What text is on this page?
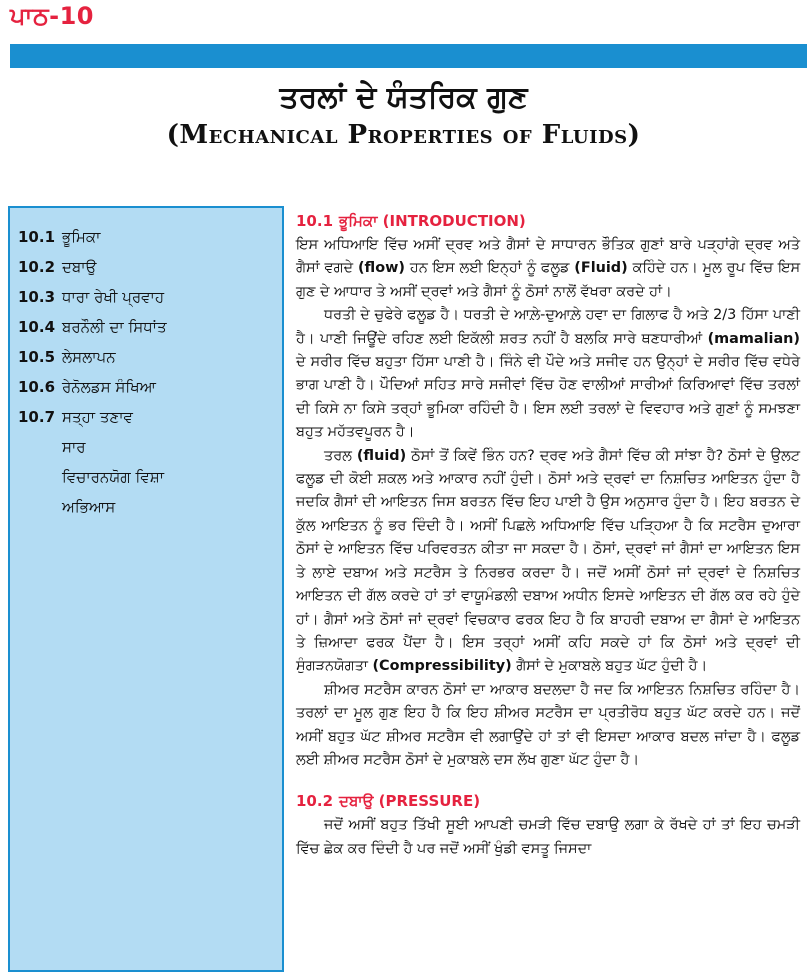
ਪਾਠ-10
ਤਰਲਾਂ ਦੇ ਯੰਤਰਿਕ ਗੁਣ
(Mechanical Properties of Fluids)
10.1 ਭੂਮਿਕਾ
10.2 ਦਬਾਉ
10.3 ਧਾਰਾ ਰੇਖੀ ਪ੍ਰਵਾਹ
10.4 ਬਰਨੌਲੀ ਦਾ ਸਿਧਾਂਤ
10.5 ਲੇਸਲਾਪਨ
10.6 ਰੇਨੋਲਡਸ ਸੰਖਿਆ
10.7 ਸਤ੍ਹਾ ਤਣਾਵ
ਸਾਰ
ਵਿਚਾਰਨਯੋਗ ਵਿਸ਼ਾ
ਅਭਿਆਸ
10.1 ਭੂਮਿਕਾ (INTRODUCTION)

ਇਸ ਅਧਿਆਇ ਵਿੱਚ ਅਸੀਂ ਦ੍ਰਵ ਅਤੇ ਗੈਸਾਂ ਦੇ ਸਾਧਾਰਨ ਭੌਤਿਕ ਗੁਣਾਂ ਬਾਰੇ ਪੜ੍ਹਾਂਗੇ ਦ੍ਰਵ ਅਤੇ ਗੈਸਾਂ ਵਗਦੇ (flow) ਹਨ ਇਸ ਲਈ ਇਨ੍ਹਾਂ ਨੂੰ ਫਲੂਡ (Fluid) ਕਹਿੰਦੇ ਹਨ। ਮੂਲ ਰੂਪ ਵਿੱਚ ਇਸ ਗੁਣ ਦੇ ਆਧਾਰ ਤੇ ਅਸੀਂ ਦ੍ਰਵਾਂ ਅਤੇ ਗੈਸਾਂ ਨੂੰ ਠੋਸਾਂ ਨਾਲੋਂ ਵੱਖਰਾ ਕਰਦੇ ਹਾਂ।

ਧਰਤੀ ਦੇ ਚੁਫੇਰੇ ਫਲੂਡ ਹੈ। ਧਰਤੀ ਦੇ ਆਲ਼ੇ-ਦੁਆਲ਼ੇ ਹਵਾ ਦਾ ਗਿਲਾਫ ਹੈ ਅਤੇ 2/3 ਹਿੱਸਾ ਪਾਣੀ ਹੈ। ਪਾਣੀ ਜਿਊਂਦੇ ਰਹਿਣ ਲਈ ਇਕੱਲੀ ਸ਼ਰਤ ਨਹੀਂ ਹੈ ਬਲਕਿ ਸਾਰੇ ਥਣਧਾਰੀਆਂ (mamalian) ਦੇ ਸਰੀਰ ਵਿੱਚ ਬਹੁਤਾ ਹਿੱਸਾ ਪਾਣੀ ਹੈ। ਜਿੰਨੇ ਵੀ ਪੌਦੇ ਅਤੇ ਸਜੀਵ ਹਨ ਉਨ੍ਹਾਂ ਦੇ ਸਰੀਰ ਵਿੱਚ ਵਧੇਰੇ ਭਾਗ ਪਾਣੀ ਹੈ। ਪੌਦਿਆਂ ਸਹਿਤ ਸਾਰੇ ਸਜੀਵਾਂ ਵਿੱਚ ਹੋਣ ਵਾਲੀਆਂ ਸਾਰੀਆਂ ਕਿਰਿਆਵਾਂ ਵਿੱਚ ਤਰਲਾਂ ਦੀ ਕਿਸੇ ਨਾ ਕਿਸੇ ਤਰ੍ਹਾਂ ਭੂਮਿਕਾ ਰਹਿੰਦੀ ਹੈ। ਇਸ ਲਈ ਤਰਲਾਂ ਦੇ ਵਿਵਹਾਰ ਅਤੇ ਗੁਣਾਂ ਨੂੰ ਸਮਝਣਾ ਬਹੁਤ ਮਹੱਤਵਪੂਰਨ ਹੈ।

ਤਰਲ (fluid) ਠੋਸਾਂ ਤੋਂ ਕਿਵੇਂ ਭਿੰਨ ਹਨ? ਦ੍ਰਵ ਅਤੇ ਗੈਸਾਂ ਵਿੱਚ ਕੀ ਸਾਂਝਾ ਹੈ? ਠੋਸਾਂ ਦੇ ਉਲਟ ਫਲੂਡ ਦੀ ਕੋਈ ਸ਼ਕਲ ਅਤੇ ਆਕਾਰ ਨਹੀਂ ਹੁੰਦੀ। ਠੋਸਾਂ ਅਤੇ ਦ੍ਰਵਾਂ ਦਾ ਨਿਸ਼ਚਿਤ ਆਇਤਨ ਹੁੰਦਾ ਹੈ ਜਦਕਿ ਗੈਸਾਂ ਦੀ ਆਇਤਨ ਜਿਸ ਬਰਤਨ ਵਿੱਚ ਇਹ ਪਾਈ ਹੈ ਉਸ ਅਨੁਸਾਰ ਹੁੰਦਾ ਹੈ। ਇਹ ਬਰਤਨ ਦੇ ਕੁੱਲ ਆਇਤਨ ਨੂੰ ਭਰ ਦਿੰਦੀ ਹੈ। ਅਸੀਂ ਪਿਛਲੇ ਅਧਿਆਇ ਵਿੱਚ ਪੜ੍ਹਿਆ ਹੈ ਕਿ ਸਟਰੈਸ ਦੁਆਰਾ ਠੋਸਾਂ ਦੇ ਆਇਤਨ ਵਿੱਚ ਪਰਿਵਰਤਨ ਕੀਤਾ ਜਾ ਸਕਦਾ ਹੈ। ਠੋਸਾਂ, ਦ੍ਰਵਾਂ ਜਾਂ ਗੈਸਾਂ ਦਾ ਆਇਤਨ ਇਸ ਤੇ ਲਾਏ ਦਬਾਅ ਅਤੇ ਸਟਰੈਸ ਤੇ ਨਿਰਭਰ ਕਰਦਾ ਹੈ। ਜਦੋਂ ਅਸੀਂ ਠੋਸਾਂ ਜਾਂ ਦ੍ਰਵਾਂ ਦੇ ਨਿਸ਼ਚਿਤ ਆਇਤਨ ਦੀ ਗੱਲ ਕਰਦੇ ਹਾਂ ਤਾਂ ਵਾਯੂਮੰਡਲੀ ਦਬਾਅ ਅਧੀਨ ਇਸਦੇ ਆਇਤਨ ਦੀ ਗੱਲ ਕਰ ਰਹੇ ਹੁੰਦੇ ਹਾਂ। ਗੈਸਾਂ ਅਤੇ ਠੋਸਾਂ ਜਾਂ ਦ੍ਰਵਾਂ ਵਿਚਕਾਰ ਫਰਕ ਇਹ ਹੈ ਕਿ ਬਾਹਰੀ ਦਬਾਅ ਦਾ ਗੈਸਾਂ ਦੇ ਆਇਤਨ ਤੇ ਜ਼ਿਆਦਾ ਫਰਕ ਪੈਂਦਾ ਹੈ। ਇਸ ਤਰ੍ਹਾਂ ਅਸੀਂ ਕਹਿ ਸਕਦੇ ਹਾਂ ਕਿ ਠੋਸਾਂ ਅਤੇ ਦ੍ਰਵਾਂ ਦੀ ਸੁੰਗੜਨਯੋਗਤਾ (Compressibility) ਗੈਸਾਂ ਦੇ ਮੁਕਾਬਲੇ ਬਹੁਤ ਘੱਟ ਹੁੰਦੀ ਹੈ।

ਸ਼ੀਅਰ ਸਟਰੈਸ ਕਾਰਨ ਠੋਸਾਂ ਦਾ ਆਕਾਰ ਬਦਲਦਾ ਹੈ ਜਦ ਕਿ ਆਇਤਨ ਨਿਸ਼ਚਿਤ ਰਹਿੰਦਾ ਹੈ। ਤਰਲਾਂ ਦਾ ਮੂਲ ਗੁਣ ਇਹ ਹੈ ਕਿ ਇਹ ਸ਼ੀਅਰ ਸਟਰੈਸ ਦਾ ਪ੍ਰਤੀਰੋਧ ਬਹੁਤ ਘੱਟ ਕਰਦੇ ਹਨ। ਜਦੋਂ ਅਸੀਂ ਬਹੁਤ ਘੱਟ ਸ਼ੀਅਰ ਸਟਰੈਸ ਵੀ ਲਗਾਉਂਦੇ ਹਾਂ ਤਾਂ ਵੀ ਇਸਦਾ ਆਕਾਰ ਬਦਲ ਜਾਂਦਾ ਹੈ। ਫਲੂਡ ਲਈ ਸ਼ੀਅਰ ਸਟਰੈਸ ਠੋਸਾਂ ਦੇ ਮੁਕਾਬਲੇ ਦਸ ਲੱਖ ਗੁਣਾ ਘੱਟ ਹੁੰਦਾ ਹੈ।

10.2 ਦਬਾਉ (PRESSURE)

ਜਦੋਂ ਅਸੀਂ ਬਹੁਤ ਤਿੱਖੀ ਸੂਈ ਆਪਣੀ ਚਮੜੀ ਵਿੱਚ ਦਬਾਉ ਲਗਾ ਕੇ ਰੱਖਦੇ ਹਾਂ ਤਾਂ ਇਹ ਚਮੜੀ ਵਿੱਚ ਛੇਕ ਕਰ ਦਿੰਦੀ ਹੈ ਪਰ ਜਦੋਂ ਅਸੀਂ ਖੁੰਡੀ ਵਸਤੂ ਜਿਸਦਾ
